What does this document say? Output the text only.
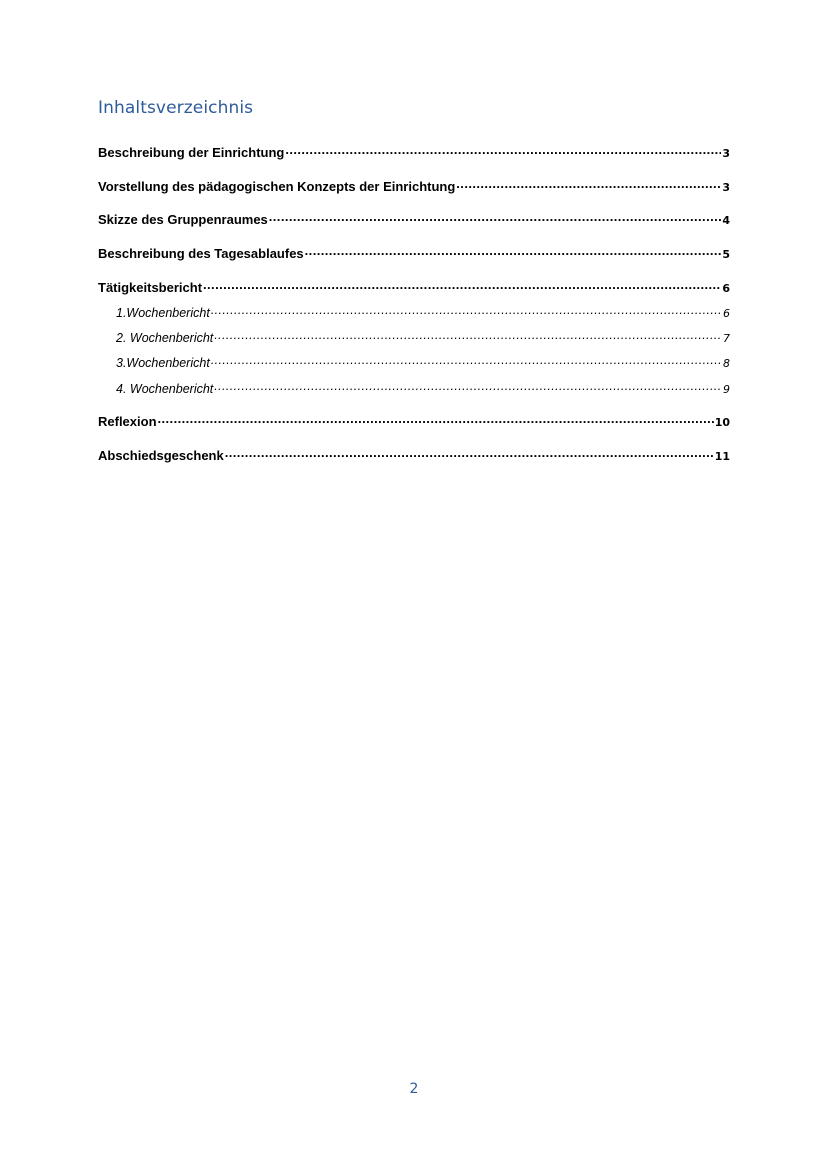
Inhaltsverzeichnis
Beschreibung der Einrichtung .....	3
Vorstellung des pädagogischen Konzepts der Einrichtung .....	3
Skizze des Gruppenraumes .....	4
Beschreibung des Tagesablaufes .....	5
Tätigkeitsbericht .....	6
1.Wochenbericht .....	6
2. Wochenbericht .....	7
3.Wochenbericht .....	8
4. Wochenbericht .....	9
Reflexion .....	10
Abschiedsgeschenk .....	11
2
